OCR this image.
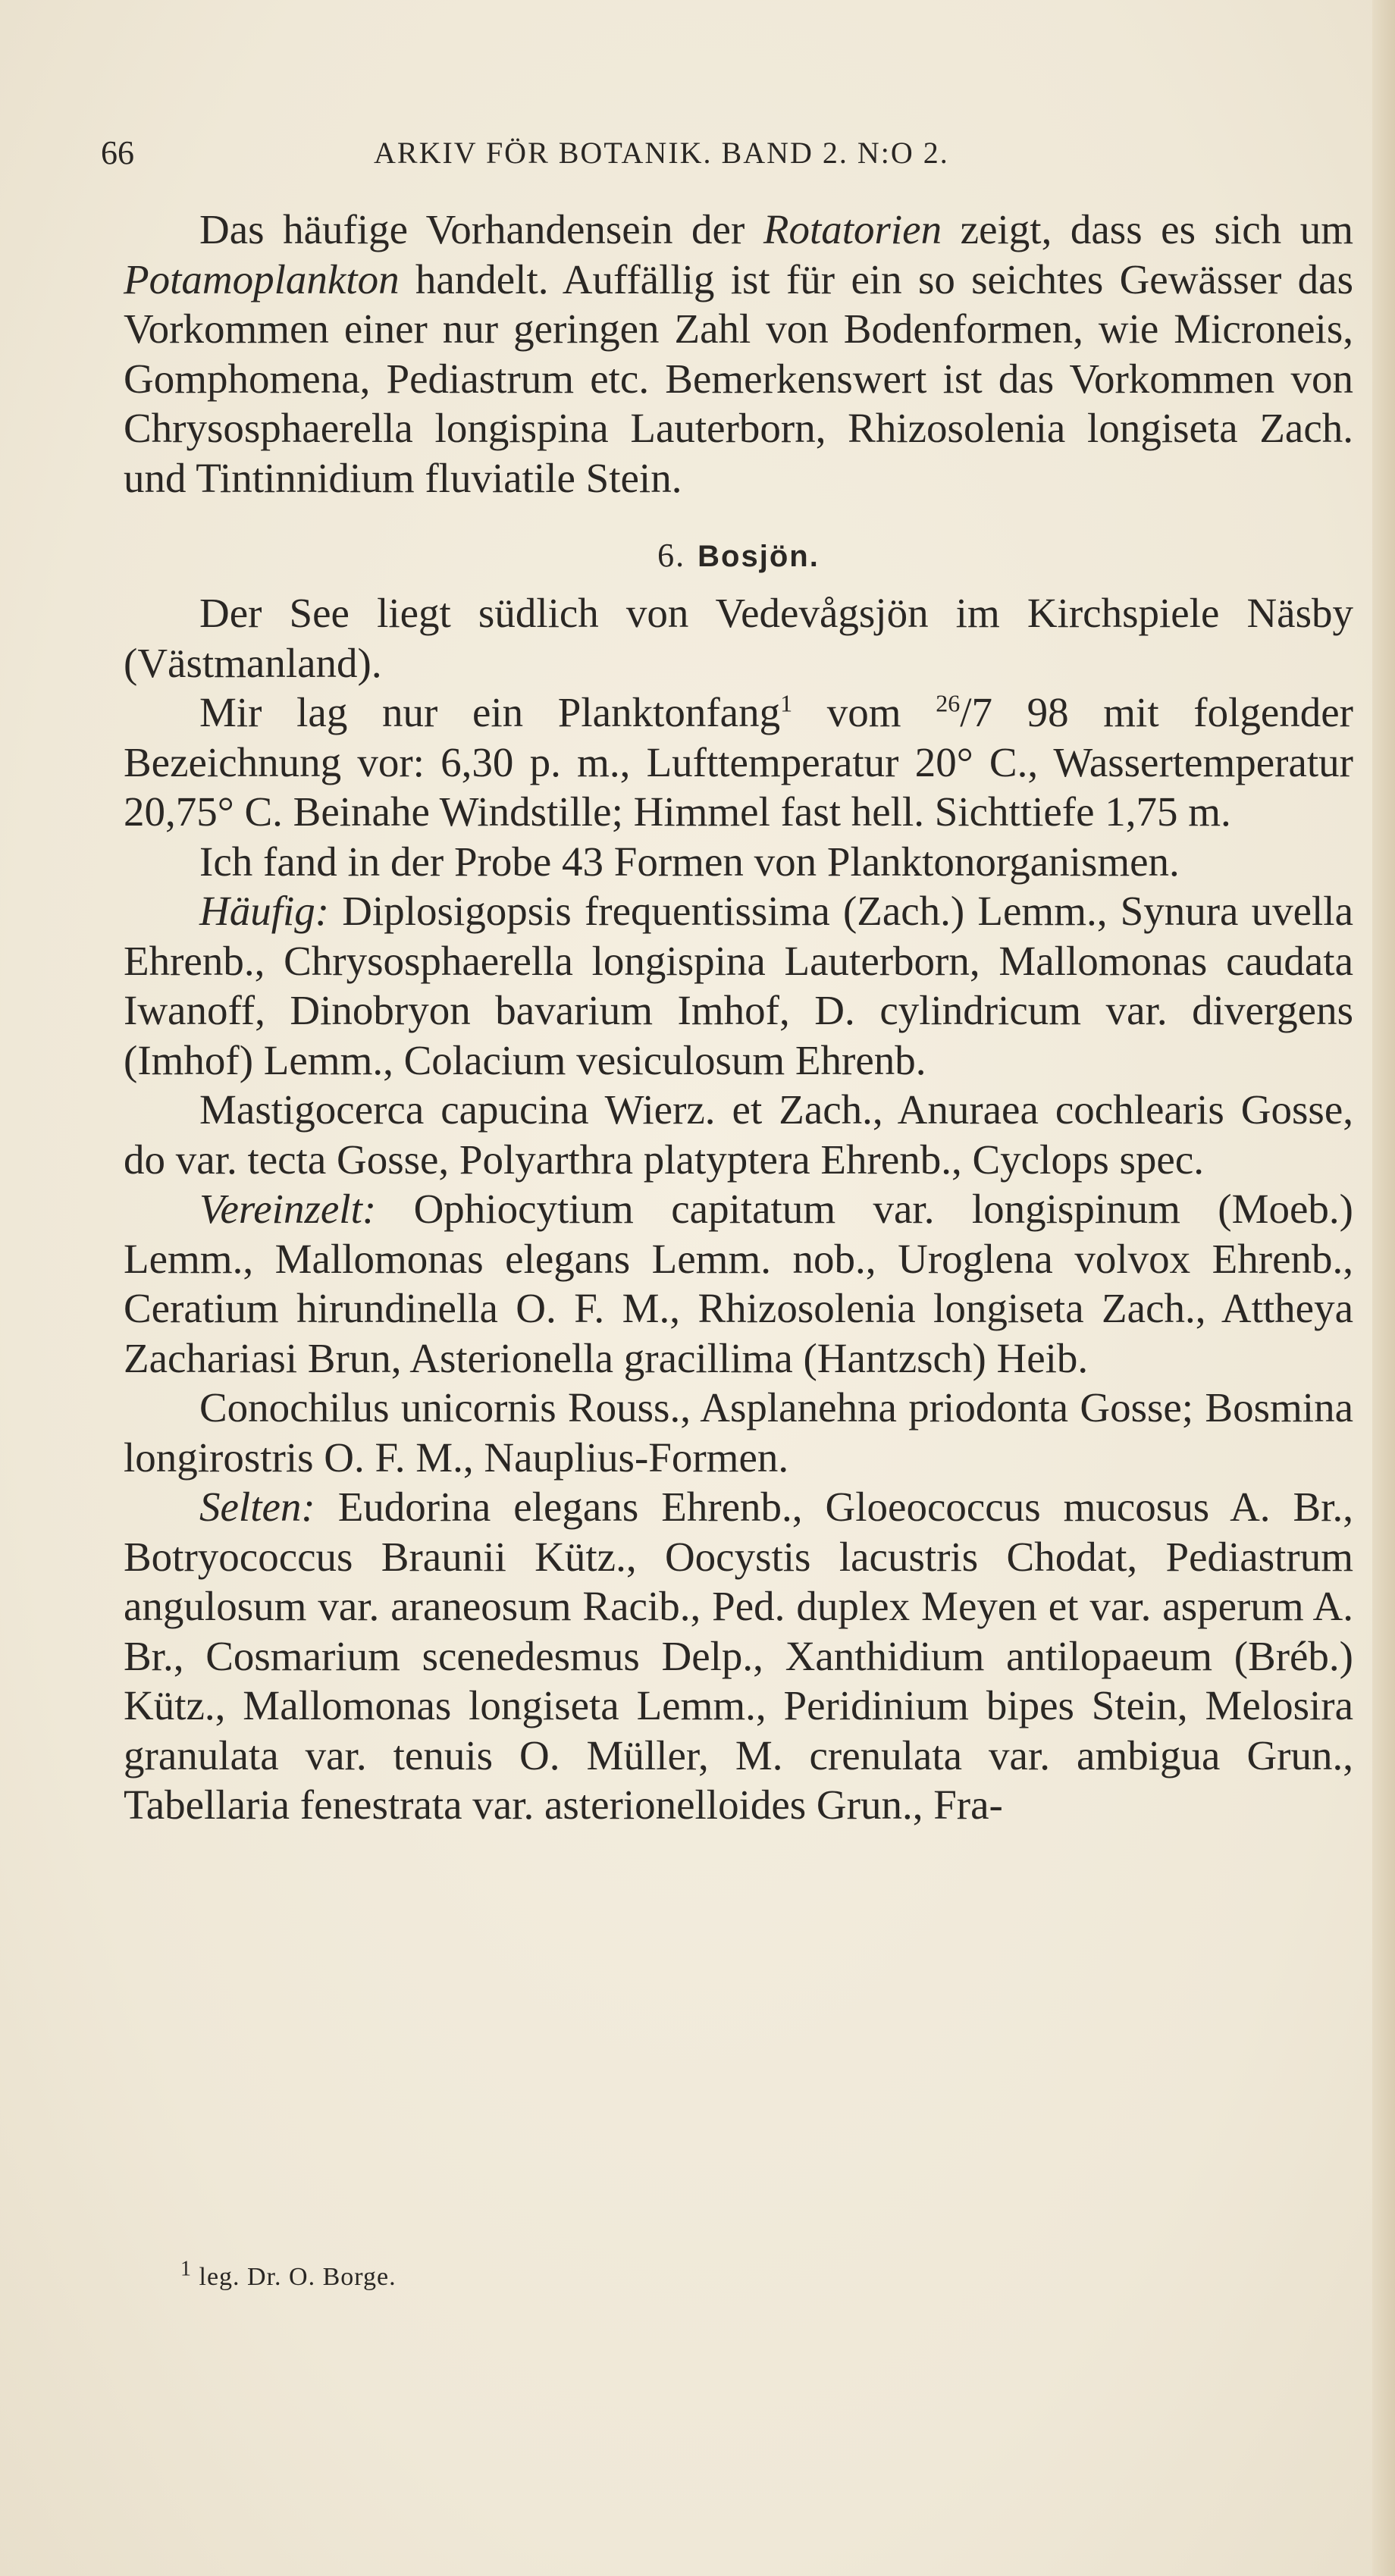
66	ARKIV FÖR BOTANIK. BAND 2. N:O 2.

Das häufige Vorhandensein der Rotatorien zeigt, dass es sich um Potamoplankton handelt. Auffällig ist für ein so seichtes Gewässer das Vorkommen einer nur geringen Zahl von Bodenformen, wie Microneis, Gomphomena, Pediastrum etc. Bemerkenswert ist das Vorkommen von Chrysosphaerella longispina Lauterborn, Rhizosolenia longiseta Zach. und Tintinnidium fluviatile Stein.

6. Bosjön.

Der See liegt südlich von Vedevågsjön im Kirchspiele Näsby (Västmanland).

Mir lag nur ein Planktonfang$^1$ vom $^{26}$/7 98 mit folgender Bezeichnung vor: 6,30 p. m., Lufttemperatur 20° C., Wassertemperatur 20,75° C. Beinahe Windstille; Himmel fast hell. Sichttiefe 1,75 m.

Ich fand in der Probe 43 Formen von Planktonorganismen.

Häufig: Diplosigopsis frequentissima (Zach.) Lemm., Synura uvella Ehrenb., Chrysosphaerella longispina Lauterborn, Mallomonas caudata Iwanoff, Dinobryon bavarium Imhof, D. cylindricum var. divergens (Imhof) Lemm., Colacium vesiculosum Ehrenb.

Mastigocerca capucina Wierz. et Zach., Anuraea cochlearis Gosse, do var. tecta Gosse, Polyarthra platyptera Ehrenb., Cyclops spec.

Vereinzelt: Ophiocytium capitatum var. longispinum (Moeb.) Lemm., Mallomonas elegans Lemm. nob., Uroglena volvox Ehrenb., Ceratium hirundinella O. F. M., Rhizosolenia longiseta Zach., Attheya Zachariasi Brun, Asterionella gracillima (Hantzsch) Heib.

Conochilus unicornis Rouss., Asplanehna priodonta Gosse; Bosmina longirostris O. F. M., Nauplius-Formen.

Selten: Eudorina elegans Ehrenb., Gloeococcus mucosus A. Br., Botryococcus Braunii Kütz., Oocystis lacustris Chodat, Pediastrum angulosum var. araneosum Racib., Ped. duplex Meyen et var. asperum A. Br., Cosmarium scenedesmus Delp., Xanthidium antilopaeum (Bréb.) Kütz., Mallomonas longiseta Lemm., Peridinium bipes Stein, Melosira granulata var. tenuis O. Müller, M. crenulata var. ambigua Grun., Tabellaria fenestrata var. asterionelloides Grun., Fra-

$^1$ leg. Dr. O. Borge.
